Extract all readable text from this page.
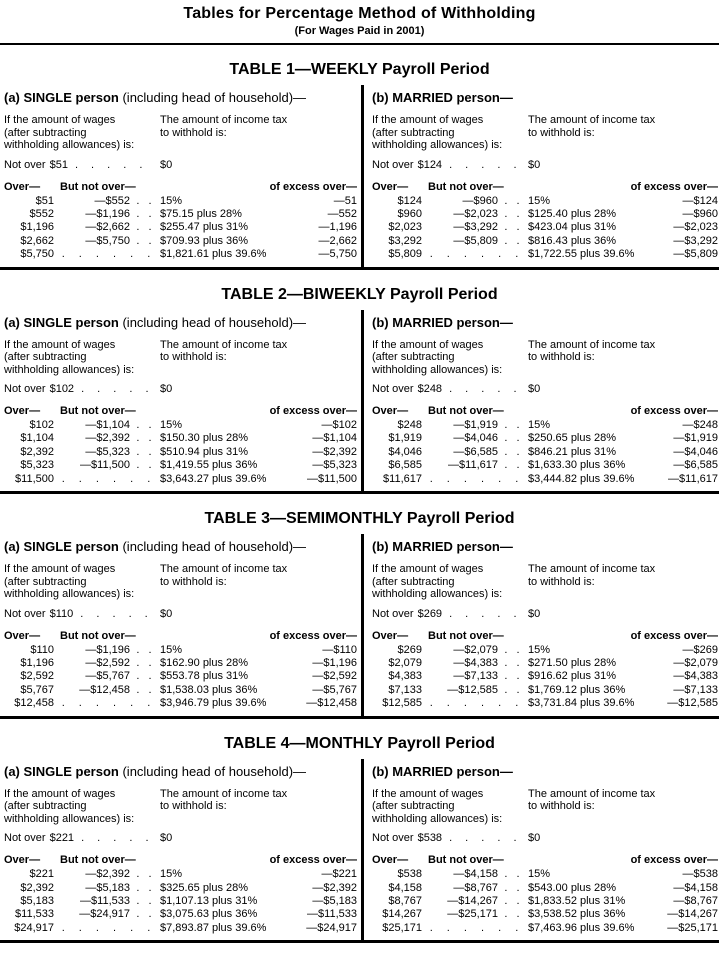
Tables for Percentage Method of Withholding
(For Wages Paid in 2001)
TABLE 1—WEEKLY Payroll Period
(a) SINGLE person (including head of household)—
If the amount of wages	The amount of income tax
(after subtracting	to withhold is:
withholding allowances) is:
Not over $51 . . . . .	$0
Over—	But not over—	of excess over—
$51	—$552 . . 15%	—51
$552	—$1,196 . . $75.15 plus 28%	—552
$1,196	—$2,662 . . $255.47 plus 31%	—1,196
$2,662	—$5,750 . . $709.93 plus 36%	—2,662
$5,750 . . . . . . $1,821.61 plus 39.6%	—5,750
(b) MARRIED person—
If the amount of wages	The amount of income tax
(after subtracting	to withhold is:
withholding allowances) is:
Not over $124 . . . . .	$0
Over—	But not over—	of excess over—
$124	—$960 . . 15%	—$124
$960	—$2,023 . . $125.40 plus 28%	—$960
$2,023	—$3,292 . . $423.04 plus 31%	—$2,023
$3,292	—$5,809 . . $816.43 plus 36%	—$3,292
$5,809 . . . . . . $1,722.55 plus 39.6%	—$5,809
TABLE 2—BIWEEKLY Payroll Period
(a) SINGLE person (including head of household)—
If the amount of wages	The amount of income tax
(after subtracting	to withhold is:
withholding allowances) is:
Not over $102 . . . . .	$0
Over—	But not over—	of excess over—
$102	—$1,104 . . 15%	—$102
$1,104	—$2,392 . . $150.30 plus 28%	—$1,104
$2,392	—$5,323 . . $510.94 plus 31%	—$2,392
$5,323	—$11,500 . . $1,419.55 plus 36%	—$5,323
$11,500 . . . . . . $3,643.27 plus 39.6%	—$11,500
(b) MARRIED person—
If the amount of wages	The amount of income tax
(after subtracting	to withhold is:
withholding allowances) is:
Not over $248 . . . . .	$0
Over—	But not over—	of excess over—
$248	—$1,919 . . 15%	—$248
$1,919	—$4,046 . . $250.65 plus 28%	—$1,919
$4,046	—$6,585 . . $846.21 plus 31%	—$4,046
$6,585	—$11,617 . . $1,633.30 plus 36%	—$6,585
$11,617 . . . . . . $3,444.82 plus 39.6%	—$11,617
TABLE 3—SEMIMONTHLY Payroll Period
(a) SINGLE person (including head of household)—
If the amount of wages	The amount of income tax
(after subtracting	to withhold is:
withholding allowances) is:
Not over $110 . . . . .	$0
Over—	But not over—	of excess over—
$110	—$1,196 . . 15%	—$110
$1,196	—$2,592 . . $162.90 plus 28%	—$1,196
$2,592	—$5,767 . . $553.78 plus 31%	—$2,592
$5,767	—$12,458 . . $1,538.03 plus 36%	—$5,767
$12,458 . . . . . . $3,946.79 plus 39.6%	—$12,458
(b) MARRIED person—
If the amount of wages	The amount of income tax
(after subtracting	to withhold is:
withholding allowances) is:
Not over $269 . . . . .	$0
Over—	But not over—	of excess over—
$269	—$2,079 . . 15%	—$269
$2,079	—$4,383 . . $271.50 plus 28%	—$2,079
$4,383	—$7,133 . . $916.62 plus 31%	—$4,383
$7,133	—$12,585 . . $1,769.12 plus 36%	—$7,133
$12,585 . . . . . . $3,731.84 plus 39.6%	—$12,585
TABLE 4—MONTHLY Payroll Period
(a) SINGLE person (including head of household)—
If the amount of wages	The amount of income tax
(after subtracting	to withhold is:
withholding allowances) is:
Not over $221 . . . . .	$0
Over—	But not over—	of excess over—
$221	—$2,392 . . 15%	—$221
$2,392	—$5,183 . . $325.65 plus 28%	—$2,392
$5,183	—$11,533 . . $1,107.13 plus 31%	—$5,183
$11,533	—$24,917 . . $3,075.63 plus 36%	—$11,533
$24,917 . . . . . . $7,893.87 plus 39.6%	—$24,917
(b) MARRIED person—
If the amount of wages	The amount of income tax
(after subtracting	to withhold is:
withholding allowances) is:
Not over $538 . . . . .	$0
Over—	But not over—	of excess over—
$538	—$4,158 . . 15%	—$538
$4,158	—$8,767 . . $543.00 plus 28%	—$4,158
$8,767	—$14,267 . . $1,833.52 plus 31%	—$8,767
$14,267	—$25,171 . . $3,538.52 plus 36%	—$14,267
$25,171 . . . . . . $7,463.96 plus 39.6%	—$25,171
